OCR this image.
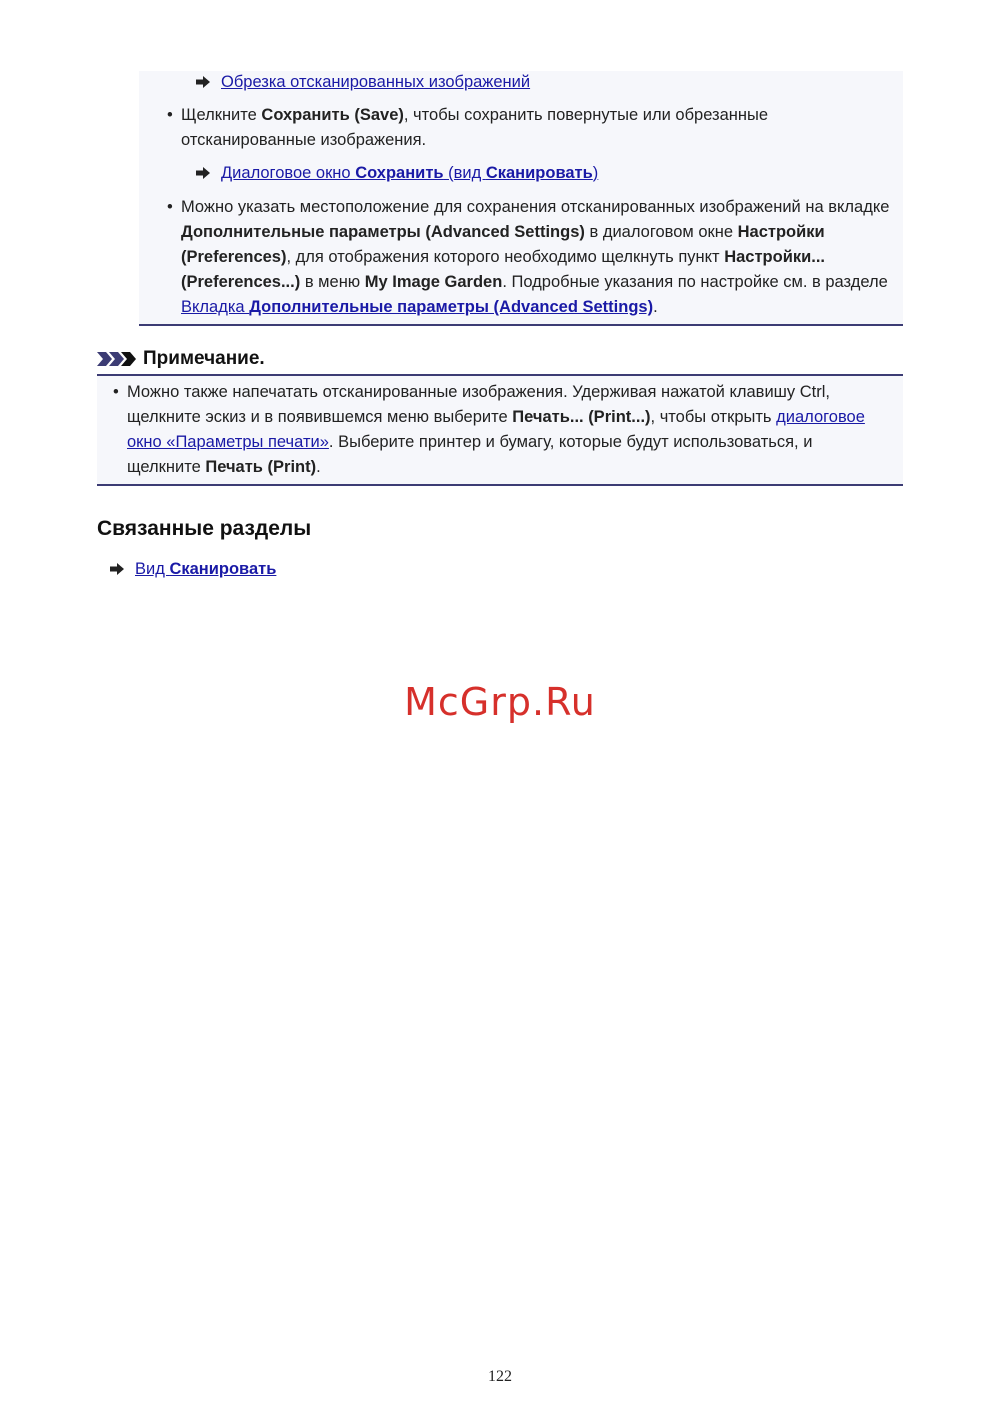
Обрезка отсканированных изображений
• Щелкните Сохранить (Save), чтобы сохранить повернутые или обрезанные
отсканированные изображения.
Диалоговое окно Сохранить (вид Сканировать)
• Можно указать местоположение для сохранения отсканированных изображений на вкладке
Дополнительные параметры (Advanced Settings) в диалоговом окне Настройки
(Preferences), для отображения которого необходимо щелкнуть пункт Настройки...
(Preferences...) в меню My Image Garden. Подробные указания по настройке см. в разделе
Вкладка Дополнительные параметры (Advanced Settings).
Примечание.
• Можно также напечатать отсканированные изображения. Удерживая нажатой клавишу Ctrl,
щелкните эскиз и в появившемся меню выберите Печать... (Print...), чтобы открыть диалоговое
окно «Параметры печати». Выберите принтер и бумагу, которые будут использоваться, и
щелкните Печать (Print).
Связанные разделы
Вид Сканировать
McGrp.Ru
122
